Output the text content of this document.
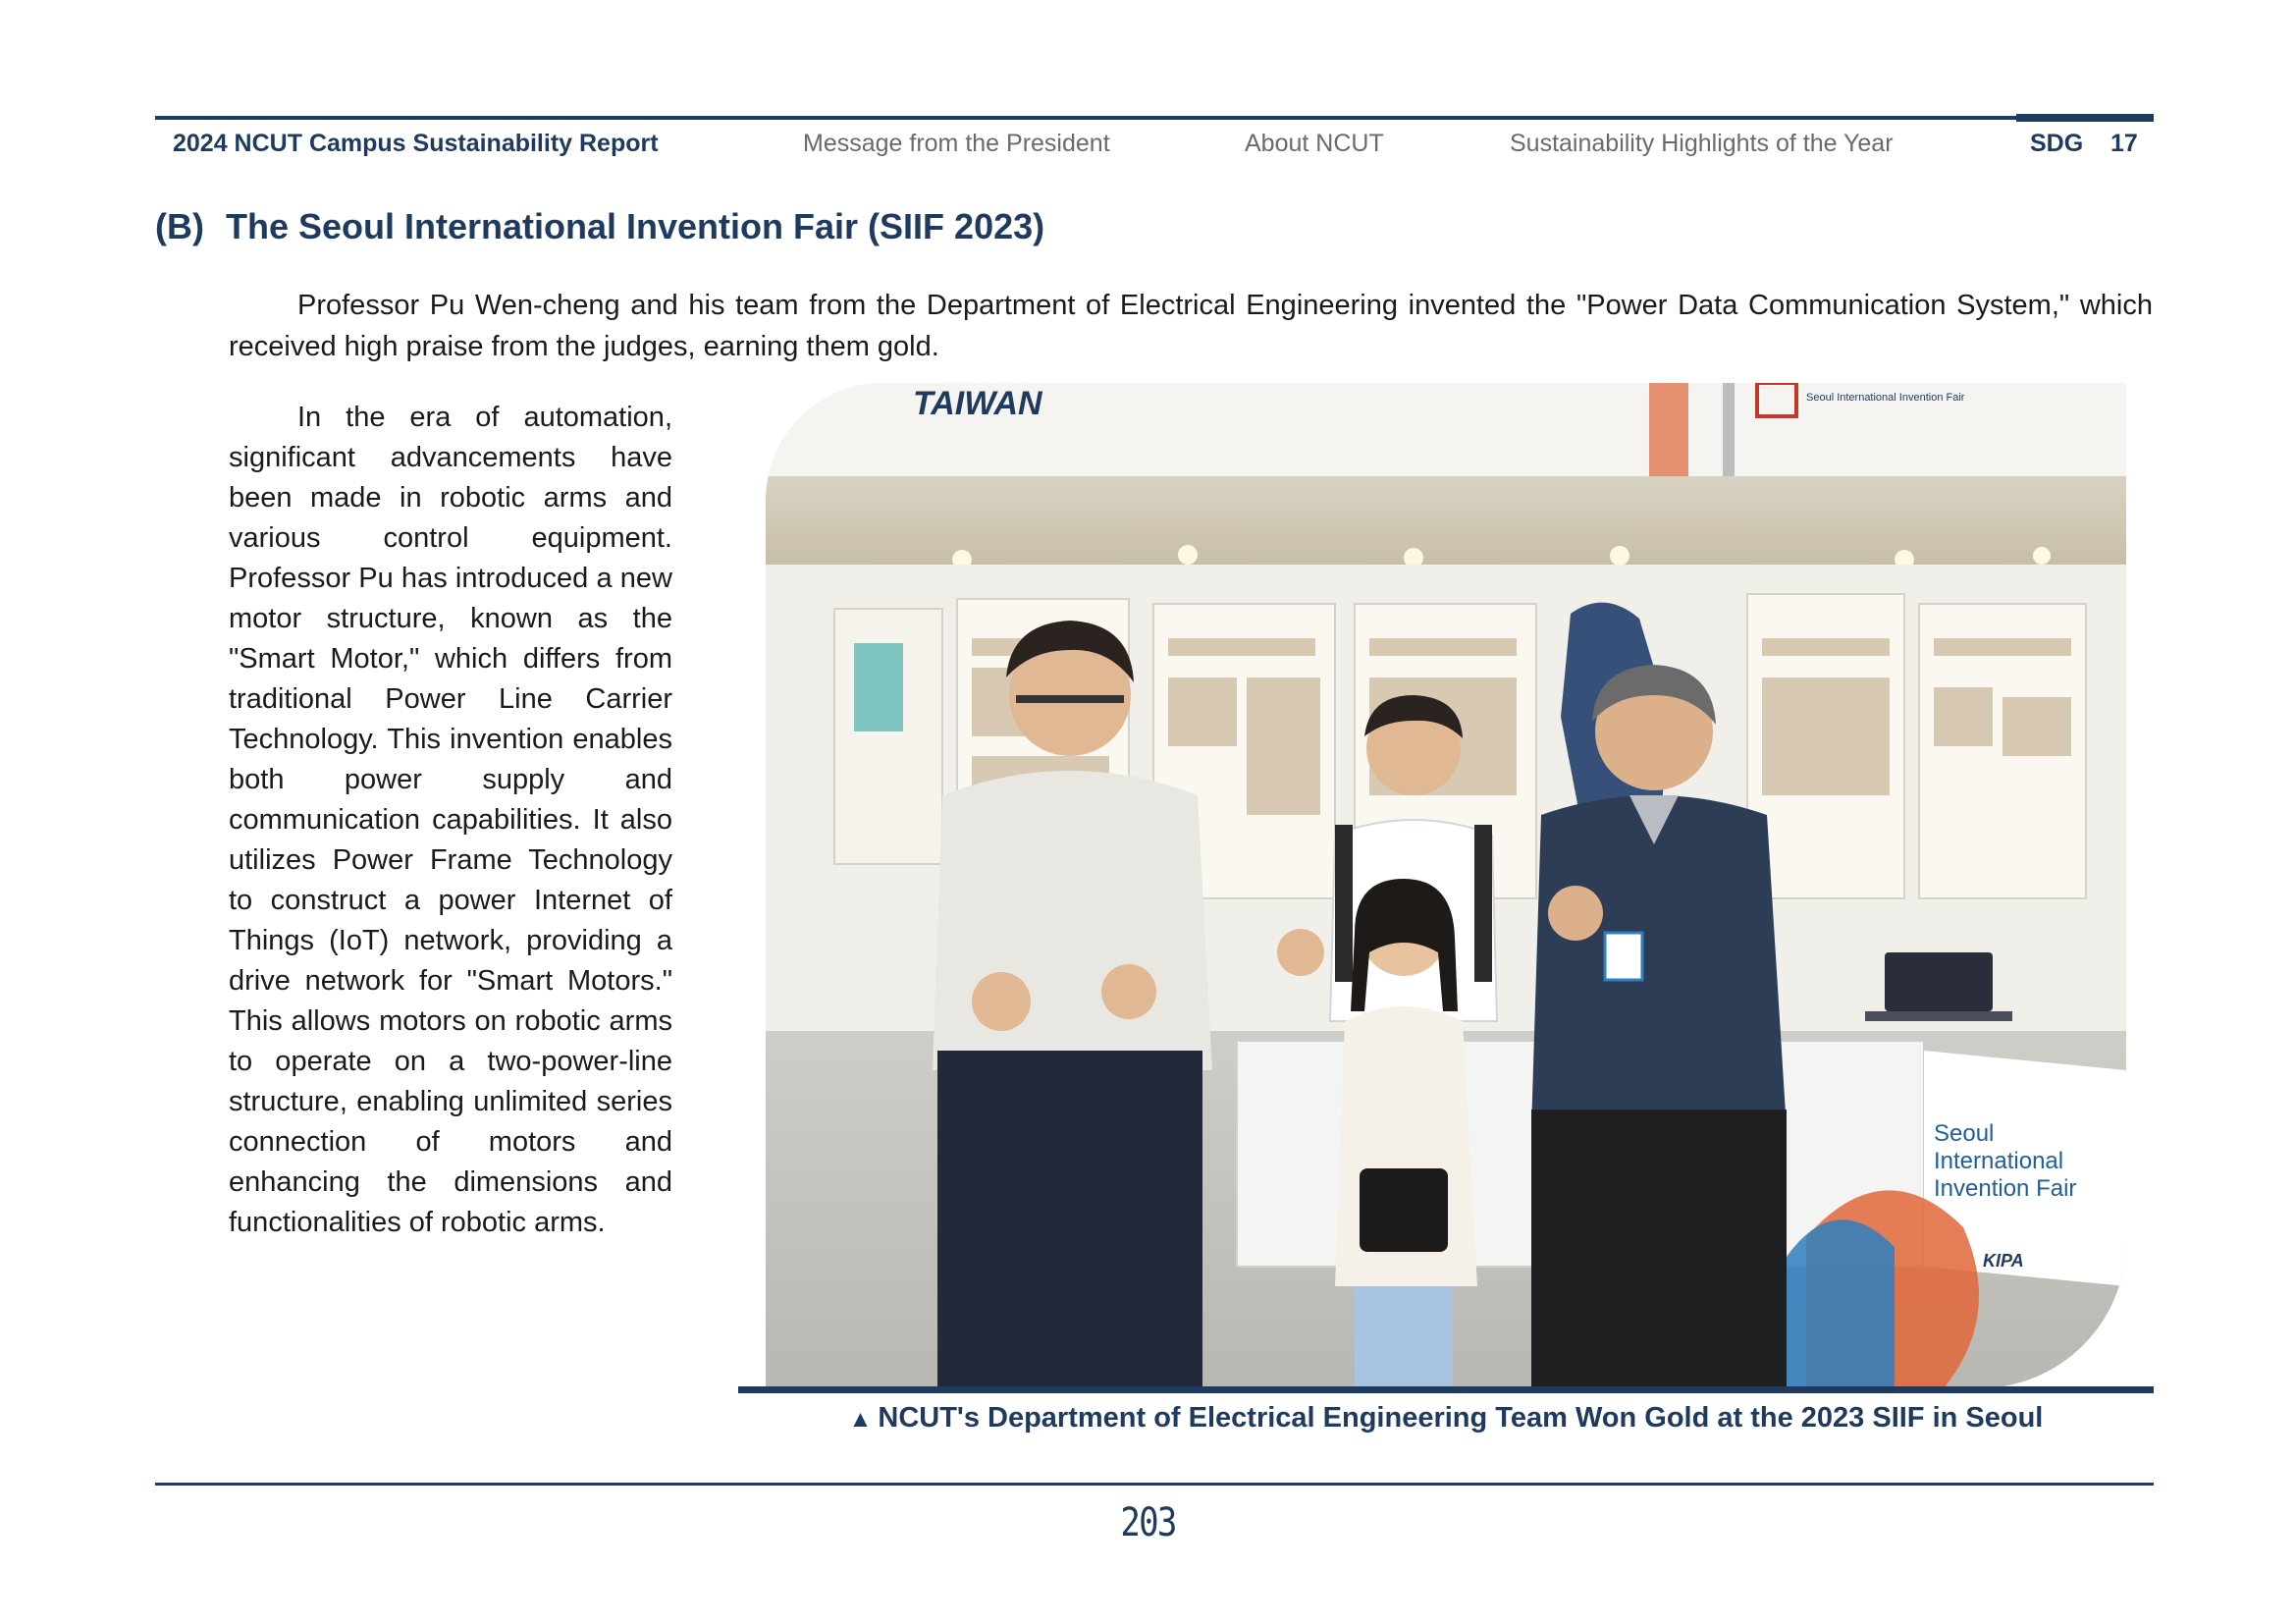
2024 NCUT Campus Sustainability Report	Message from the President	About NCUT	Sustainability Highlights of the Year	SDG 17
(B) The Seoul International Invention Fair (SIIF 2023)

Professor Pu Wen-cheng and his team from the Department of Electrical Engineering invented the "Power Data Communication System," which received high praise from the judges, earning them gold.

In the era of automation, significant advancements have been made in robotic arms and various control equipment. Professor Pu has introduced a new motor structure, known as the "Smart Motor," which differs from traditional Power Line Carrier Technology. This invention enables both power supply and communication capabilities. It also utilizes Power Frame Technology to construct a power Internet of Things (IoT) network, providing a drive network for "Smart Motors." This allows motors on robotic arms to operate on a two-power-line structure, enabling unlimited series connection of motors and enhancing the dimensions and functionalities of robotic arms.

TAIWAN	Seoul International Invention Fair
Seoul
International
Invention Fair
KIPA
▲ NCUT's Department of Electrical Engineering Team Won Gold at the 2023 SIIF in Seoul
203
